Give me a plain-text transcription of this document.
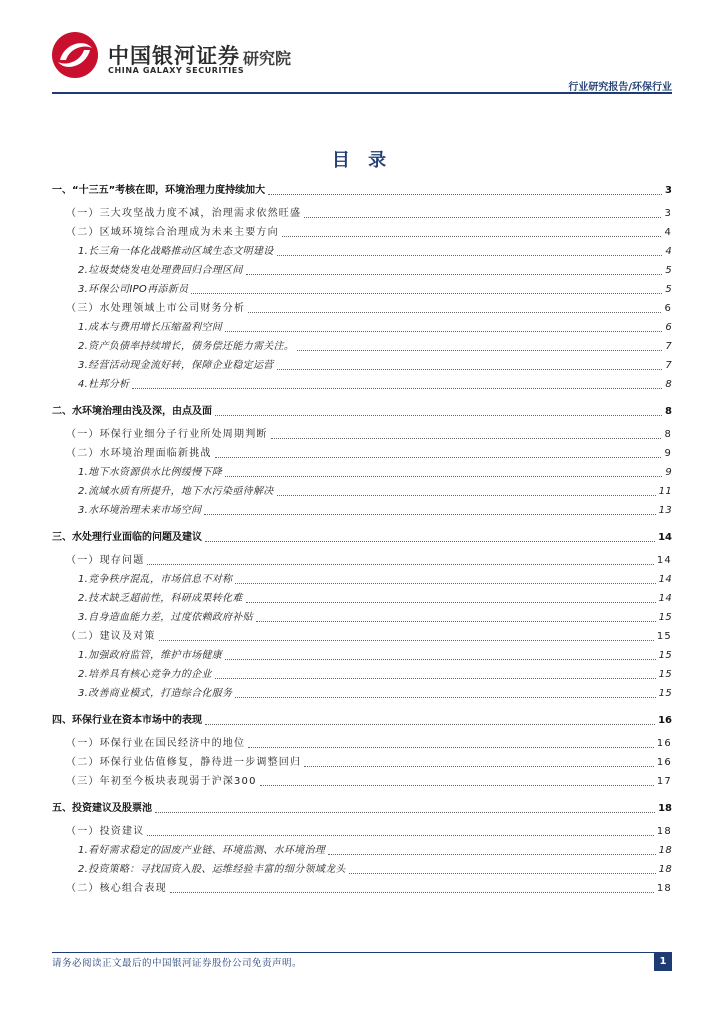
中国银河证券
CHINA GALAXY SECURITIES
研究院
行业研究报告/环保行业
目 录
一、“十三五”考核在即，环境治理力度持续加大	3
（一）三大攻坚战力度不减，治理需求依然旺盛	3
（二）区域环境综合治理成为未来主要方向	4
1.长三角一体化战略推动区域生态文明建设	4
2.垃圾焚烧发电处理费回归合理区间	5
3.环保公司IPO再添新员	5
（三）水处理领域上市公司财务分析	6
1.成本与费用增长压缩盈利空间	6
2.资产负债率持续增长，债务偿还能力需关注。	7
3.经营活动现金流好转，保障企业稳定运营	7
4.杜邦分析	8
二、水环境治理由浅及深，由点及面	8
（一）环保行业细分子行业所处周期判断	8
（二）水环境治理面临新挑战	9
1.地下水资源供水比例缓慢下降	9
2.流域水质有所提升，地下水污染亟待解决	11
3.水环境治理未来市场空间	13
三、水处理行业面临的问题及建议	14
（一）现存问题	14
1.竞争秩序混乱，市场信息不对称	14
2.技术缺乏超前性，科研成果转化难	14
3.自身造血能力差，过度依赖政府补贴	15
（二）建议及对策	15
1.加强政府监管，维护市场健康	15
2.培养具有核心竞争力的企业	15
3.改善商业模式，打造综合化服务	15
四、环保行业在资本市场中的表现	16
（一）环保行业在国民经济中的地位	16
（二）环保行业估值修复，静待进一步调整回归	16
（三）年初至今板块表现弱于沪深300	17
五、投资建议及股票池	18
（一）投资建议	18
1.看好需求稳定的固废产业链、环境监测、水环境治理	18
2.投资策略：寻找国资入股、运维经验丰富的细分领域龙头	18
（二）核心组合表现	18
请务必阅读正文最后的中国银河证券股份公司免责声明。	1
